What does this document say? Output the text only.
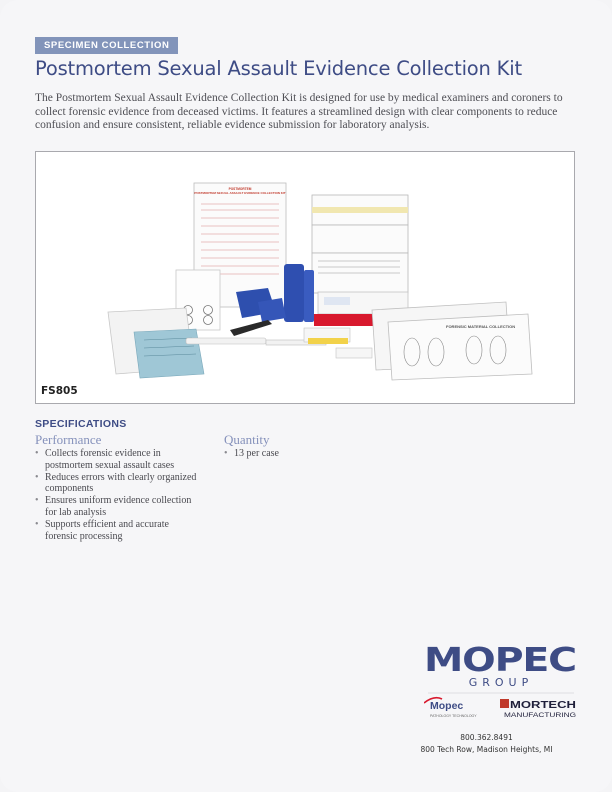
SPECIMEN COLLECTION
Postmortem Sexual Assault Evidence Collection Kit

The Postmortem Sexual Assault Evidence Collection Kit is designed for use by medical examiners and coroners to collect forensic evidence from deceased victims. It features a streamlined design with clear components to reduce confusion and ensure consistent, reliable evidence submission for laboratory analysis.

POSTMORTEM
POSTMORTEM SEXUAL ASSAULT EVIDENCE COLLECTION KIT
FORENSIC MATERIAL COLLECTION
FS805
SPECIFICATIONS
Performance
• Collects forensic evidence in postmortem sexual assault cases
• Reduces errors with clearly organized components
• Ensures uniform evidence collection for lab analysis
• Supports efficient and accurate forensic processing
Quantity
• 13 per case
MOPEC
GROUP
Mopec
PATHOLOGY TECHNOLOGY
MORTECH
MANUFACTURING
800.362.8491
800 Tech Row, Madison Heights, MI
